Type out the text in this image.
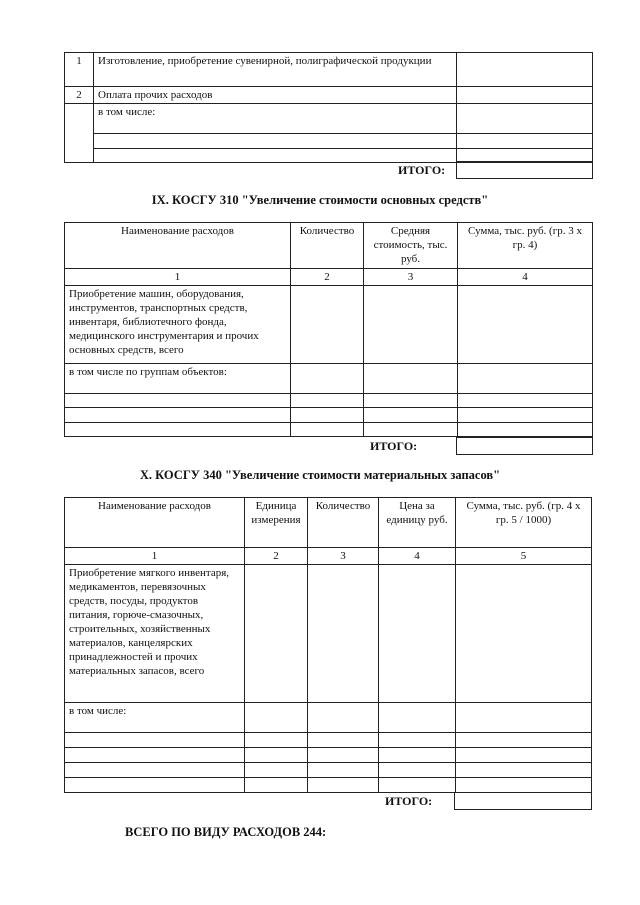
1	Изготовление, приобретение сувенирной, полиграфической продукции	
2	Оплата прочих расходов	
	в том числе:	

ИТОГО:
IX. КОСГУ 310 "Увеличение стоимости основных средств"
Наименование расходов	Количество	Средняя стоимость, тыс. руб.	Сумма, тыс. руб. (гр. 3 х гр. 4)
1	2	3	4
Приобретение машин, оборудования, инструментов, транспортных средств, инвентаря, библиотечного фонда, медицинского инструментария и прочих основных средств, всего			
в том числе по группам объектов:			

ИТОГО:
X. КОСГУ 340 "Увеличение стоимости материальных запасов"
Наименование расходов	Единица измерения	Количество	Цена за единицу руб.	Сумма, тыс. руб. (гр. 4 х гр. 5 / 1000)
1	2	3	4	5
Приобретение мягкого инвентаря, медикаментов, перевязочных средств, посуды, продуктов питания, горюче-смазочных, строительных, хозяйственных материалов, канцелярских принадлежностей и прочих материальных запасов, всего				
в том числе:				

ИТОГО:
ВСЕГО ПО ВИДУ РАСХОДОВ 244:
